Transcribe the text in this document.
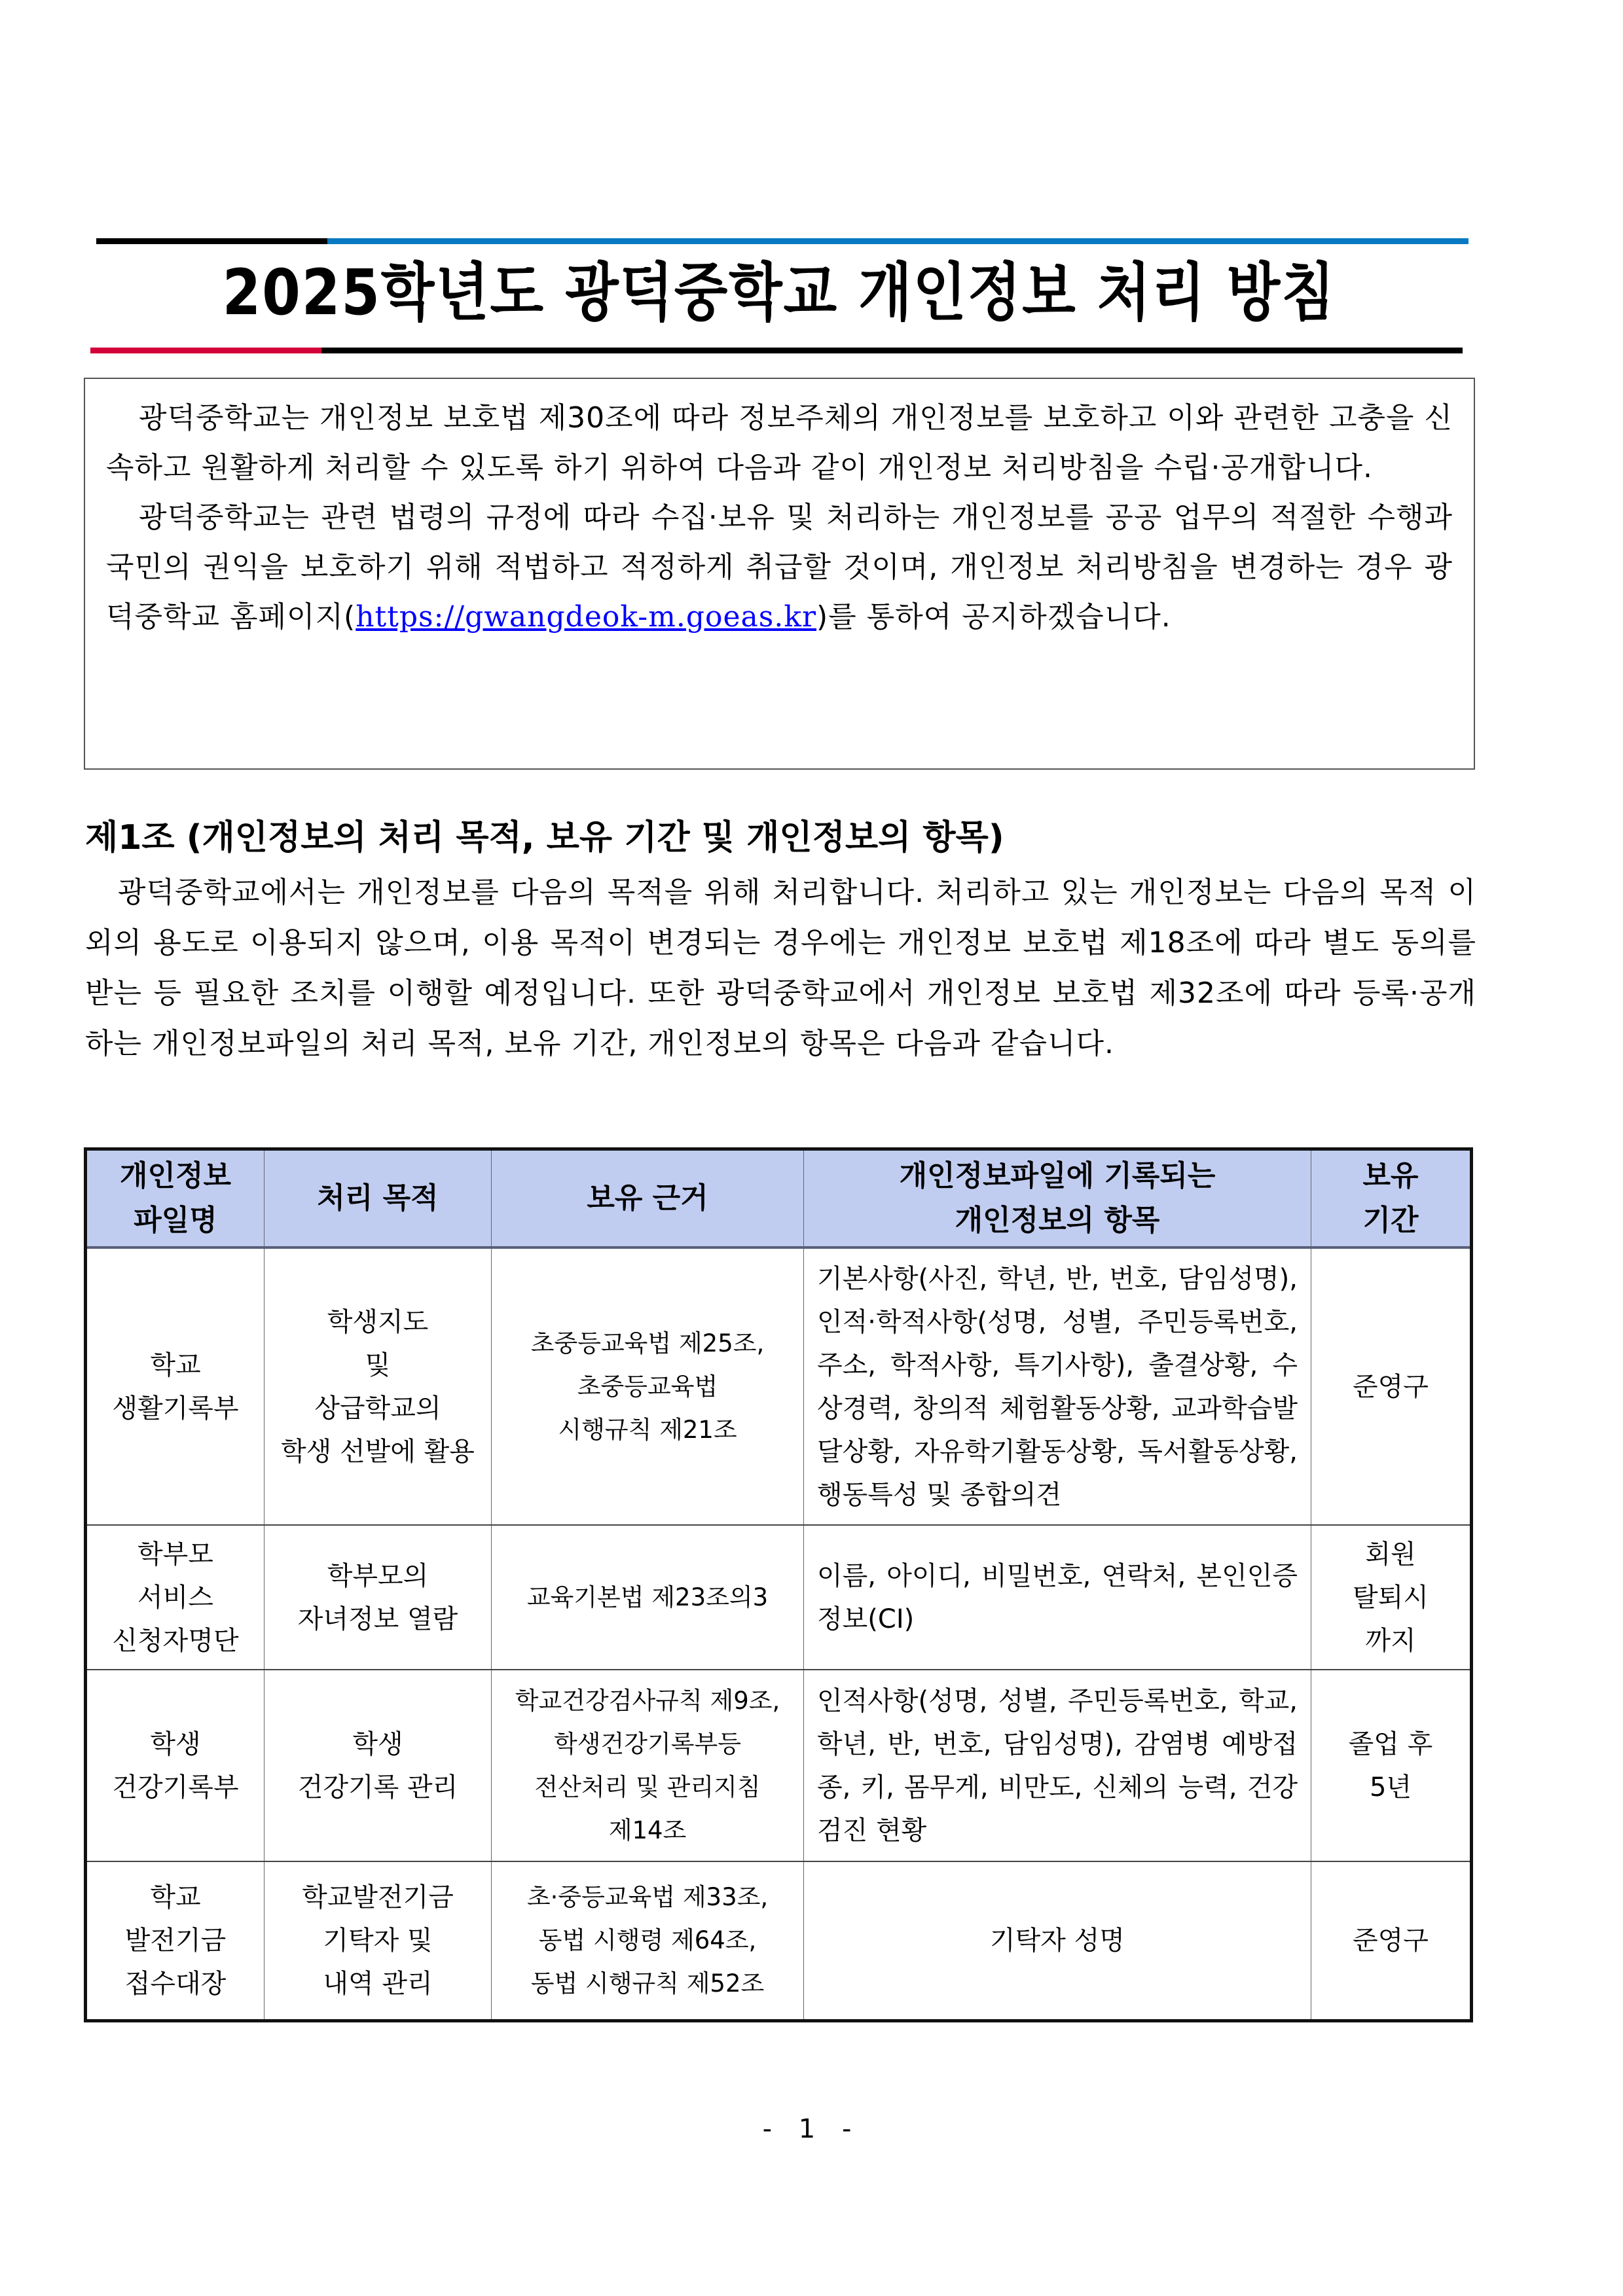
2025학년도 광덕중학교 개인정보 처리 방침

광덕중학교는 개인정보 보호법 제30조에 따라 정보주체의 개인정보를 보호하고 이와 관련한 고충을 신속하고 원활하게 처리할 수 있도록 하기 위하여 다음과 같이 개인정보 처리방침을 수립·공개합니다.

광덕중학교는 관련 법령의 규정에 따라 수집·보유 및 처리하는 개인정보를 공공 업무의 적절한 수행과 국민의 권익을 보호하기 위해 적법하고 적정하게 취급할 것이며, 개인정보 처리방침을 변경하는 경우 광덕중학교 홈페이지(https://gwangdeok-m.goeas.kr)를 통하여 공지하겠습니다.

제1조 (개인정보의 처리 목적, 보유 기간 및 개인정보의 항목)

광덕중학교에서는 개인정보를 다음의 목적을 위해 처리합니다. 처리하고 있는 개인정보는 다음의 목적 이외의 용도로 이용되지 않으며, 이용 목적이 변경되는 경우에는 개인정보 보호법 제18조에 따라 별도 동의를 받는 등 필요한 조치를 이행할 예정입니다. 또한 광덕중학교에서 개인정보 보호법 제32조에 따라 등록·공개하는 개인정보파일의 처리 목적, 보유 기간, 개인정보의 항목은 다음과 같습니다.

개인정보
파일명	처리 목적	보유 근거	개인정보파일에 기록되는
개인정보의 항목	보유
기간

학교
생활기록부	학생지도
및
상급학교의
학생 선발에 활용	초중등교육법 제25조,
초중등교육법
시행규칙 제21조	기본사항(사진, 학년, 반, 번호, 담임성명), 인적·학적사항(성명, 성별, 주민등록번호, 주소, 학적사항, 특기사항), 출결상황, 수상경력, 창의적 체험활동상황, 교과학습발달상황, 자유학기활동상황, 독서활동상황, 행동특성 및 종합의견	준영구

학부모
서비스
신청자명단	학부모의
자녀정보 열람	교육기본법 제23조의3	이름, 아이디, 비밀번호, 연락처, 본인인증정보(CI)	회원
탈퇴시
까지

학생
건강기록부	학생
건강기록 관리	학교건강검사규칙 제9조,
학생건강기록부등
전산처리 및 관리지침
제14조	인적사항(성명, 성별, 주민등록번호, 학교, 학년, 반, 번호, 담임성명), 감염병 예방접종, 키, 몸무게, 비만도, 신체의 능력, 건강검진 현황	졸업 후
5년

학교
발전기금
접수대장	학교발전기금
기탁자 및
내역 관리	초·중등교육법 제33조,
동법 시행령 제64조,
동법 시행규칙 제52조	기탁자 성명	준영구
- 1 -
